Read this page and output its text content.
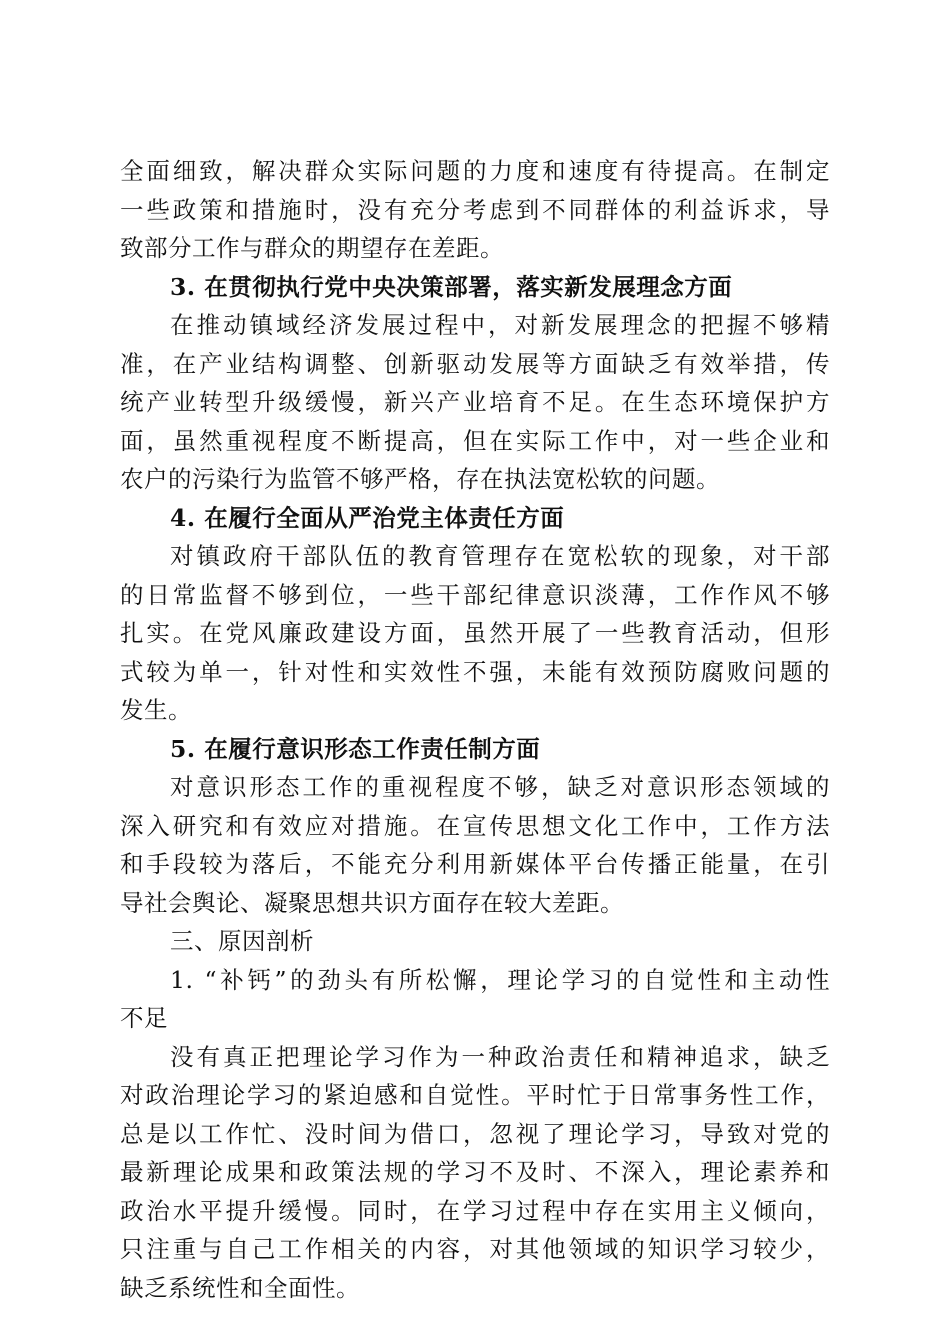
全面细致，解决群众实际问题的力度和速度有待提高。在制定
一些政策和措施时，没有充分考虑到不同群体的利益诉求，导
致部分工作与群众的期望存在差距。
3. 在贯彻执行党中央决策部署，落实新发展理念方面
在推动镇域经济发展过程中，对新发展理念的把握不够精
准，在产业结构调整、创新驱动发展等方面缺乏有效举措，传
统产业转型升级缓慢，新兴产业培育不足。在生态环境保护方
面，虽然重视程度不断提高，但在实际工作中，对一些企业和
农户的污染行为监管不够严格，存在执法宽松软的问题。
4. 在履行全面从严治党主体责任方面
对镇政府干部队伍的教育管理存在宽松软的现象，对干部
的日常监督不够到位，一些干部纪律意识淡薄，工作作风不够
扎实。在党风廉政建设方面，虽然开展了一些教育活动，但形
式较为单一，针对性和实效性不强，未能有效预防腐败问题的
发生。
5. 在履行意识形态工作责任制方面
对意识形态工作的重视程度不够，缺乏对意识形态领域的
深入研究和有效应对措施。在宣传思想文化工作中，工作方法
和手段较为落后，不能充分利用新媒体平台传播正能量，在引
导社会舆论、凝聚思想共识方面存在较大差距。
三、原因剖析
1. “补钙”的劲头有所松懈，理论学习的自觉性和主动性
不足
没有真正把理论学习作为一种政治责任和精神追求，缺乏
对政治理论学习的紧迫感和自觉性。平时忙于日常事务性工作，
总是以工作忙、没时间为借口，忽视了理论学习，导致对党的
最新理论成果和政策法规的学习不及时、不深入，理论素养和
政治水平提升缓慢。同时，在学习过程中存在实用主义倾向，
只注重与自己工作相关的内容，对其他领域的知识学习较少，
缺乏系统性和全面性。
